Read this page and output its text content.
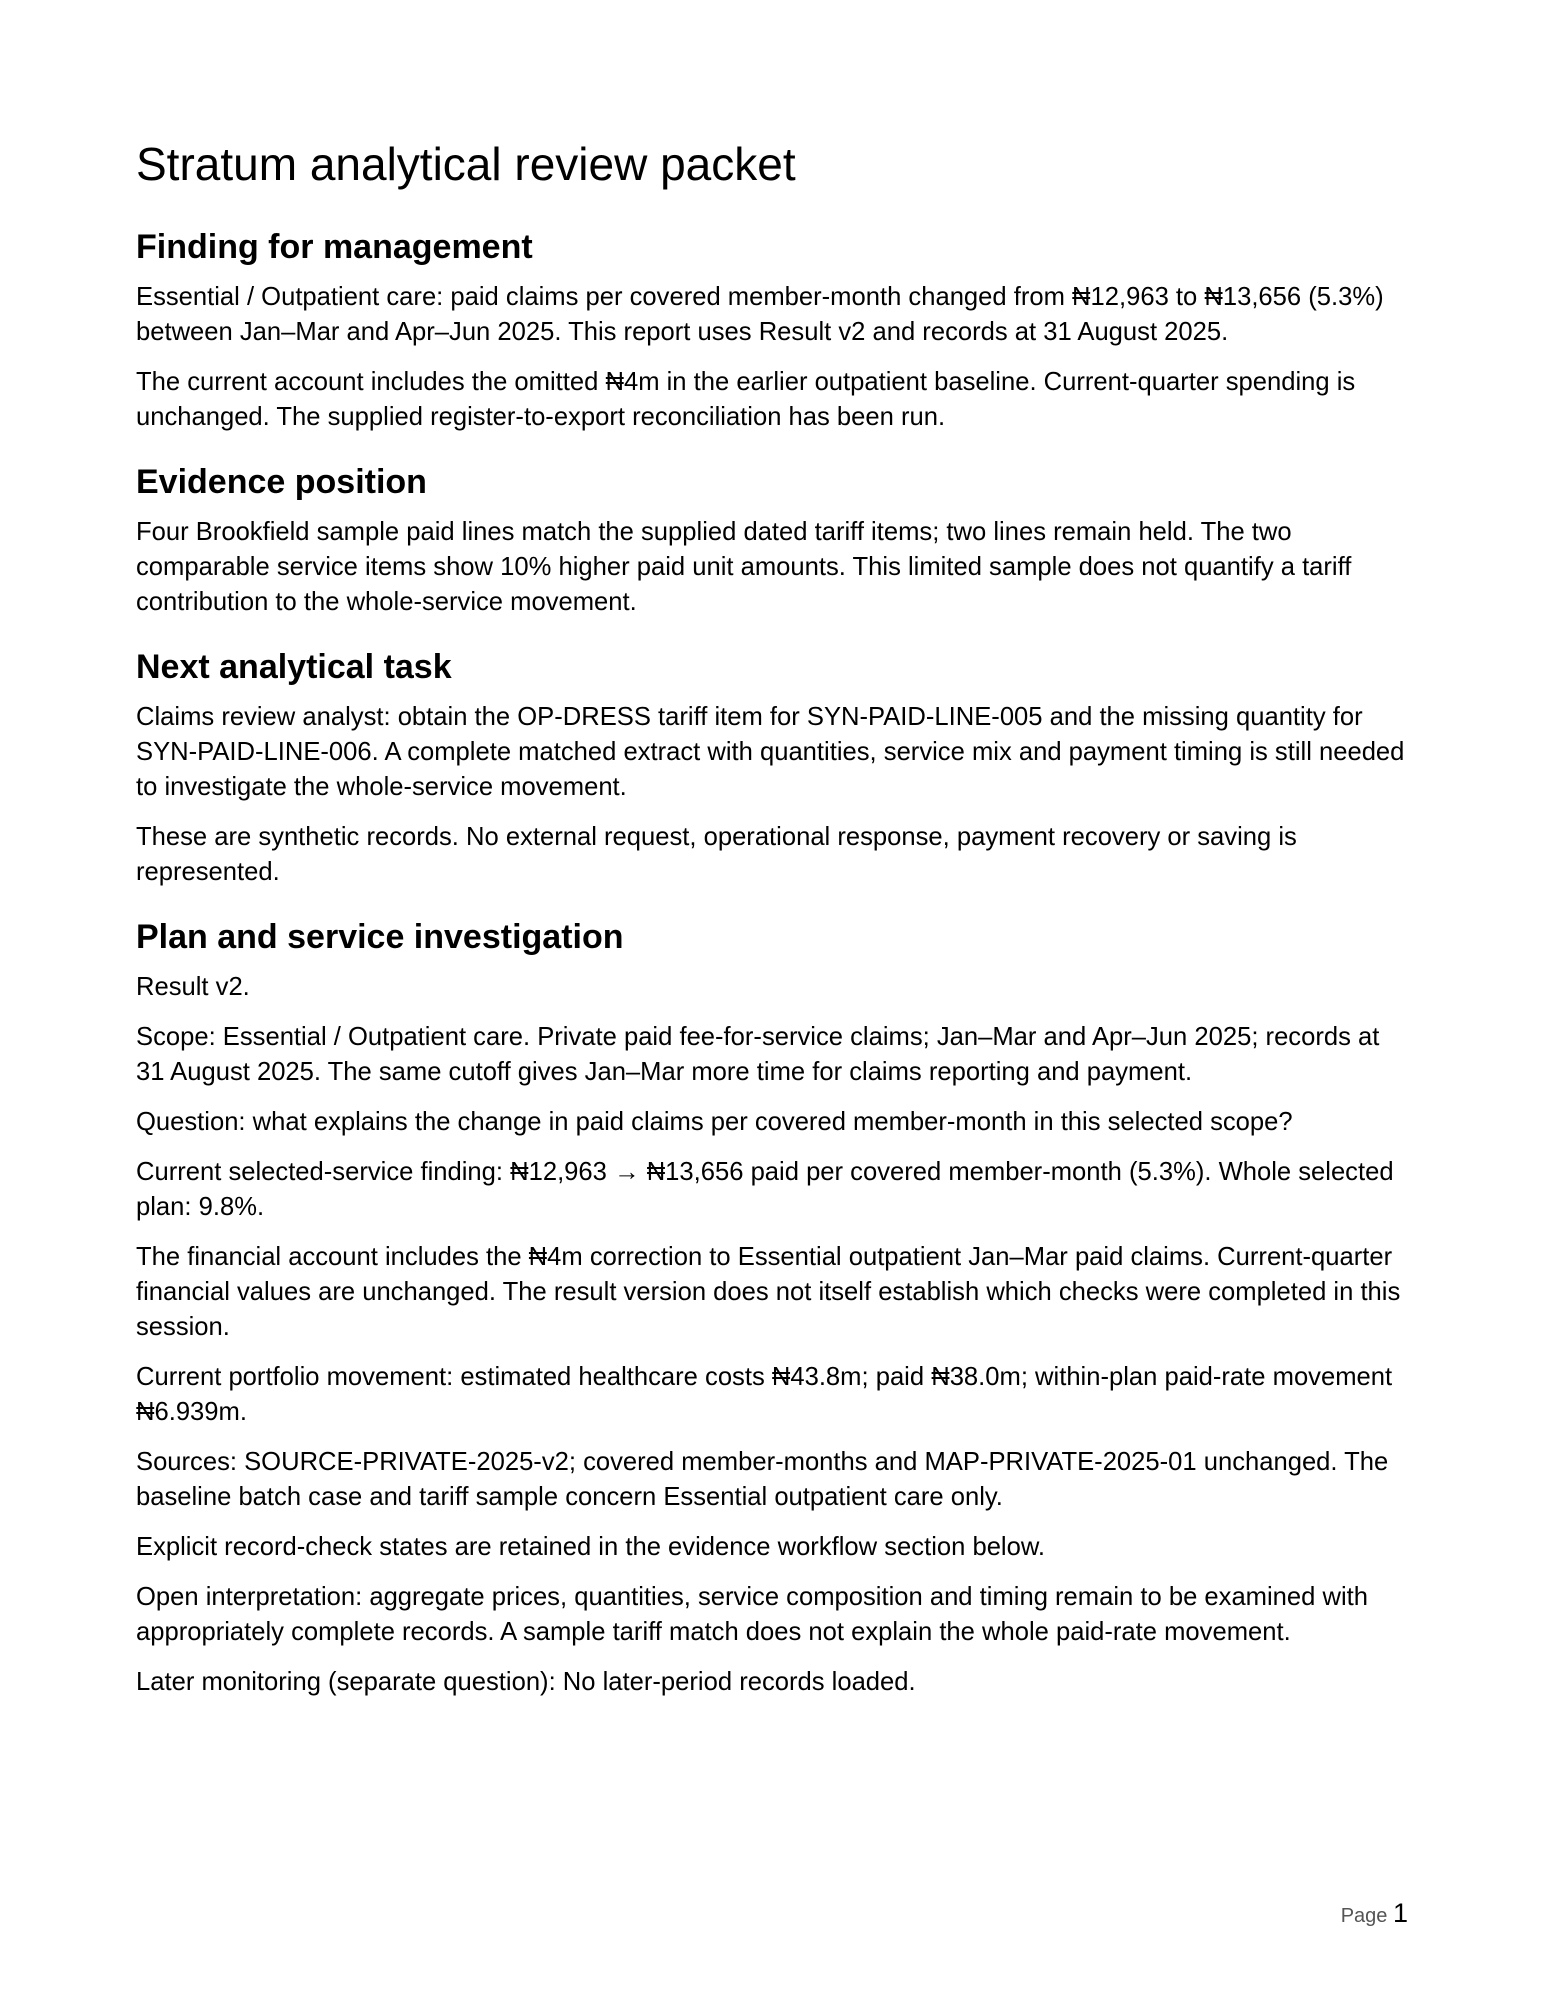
Stratum analytical review packet
Finding for management

Essential / Outpatient care: paid claims per covered member-month changed from ₦12,963 to ₦13,656 (5.3%) between Jan–Mar and Apr–Jun 2025. This report uses Result v2 and records at 31 August 2025.

The current account includes the omitted ₦4m in the earlier outpatient baseline. Current-quarter spending is unchanged. The supplied register-to-export reconciliation has been run.

Evidence position

Four Brookfield sample paid lines match the supplied dated tariff items; two lines remain held. The two comparable service items show 10% higher paid unit amounts. This limited sample does not quantify a tariff contribution to the whole-service movement.

Next analytical task

Claims review analyst: obtain the OP-DRESS tariff item for SYN-PAID-LINE-005 and the missing quantity for SYN-PAID-LINE-006. A complete matched extract with quantities, service mix and payment timing is still needed to investigate the whole-service movement.

These are synthetic records. No external request, operational response, payment recovery or saving is represented.

Plan and service investigation

Result v2.

Scope: Essential / Outpatient care. Private paid fee-for-service claims; Jan–Mar and Apr–Jun 2025; records at 31 August 2025. The same cutoff gives Jan–Mar more time for claims reporting and payment.

Question: what explains the change in paid claims per covered member-month in this selected scope?

Current selected-service finding: ₦12,963 → ₦13,656 paid per covered member-month (5.3%). Whole selected plan: 9.8%.

The financial account includes the ₦4m correction to Essential outpatient Jan–Mar paid claims. Current-quarter financial values are unchanged. The result version does not itself establish which checks were completed in this session.

Current portfolio movement: estimated healthcare costs ₦43.8m; paid ₦38.0m; within-plan paid-rate movement ₦6.939m.

Sources: SOURCE-PRIVATE-2025-v2; covered member-months and MAP-PRIVATE-2025-01 unchanged. The baseline batch case and tariff sample concern Essential outpatient care only.

Explicit record-check states are retained in the evidence workflow section below.

Open interpretation: aggregate prices, quantities, service composition and timing remain to be examined with appropriately complete records. A sample tariff match does not explain the whole paid-rate movement.

Later monitoring (separate question): No later-period records loaded.

Page 1
